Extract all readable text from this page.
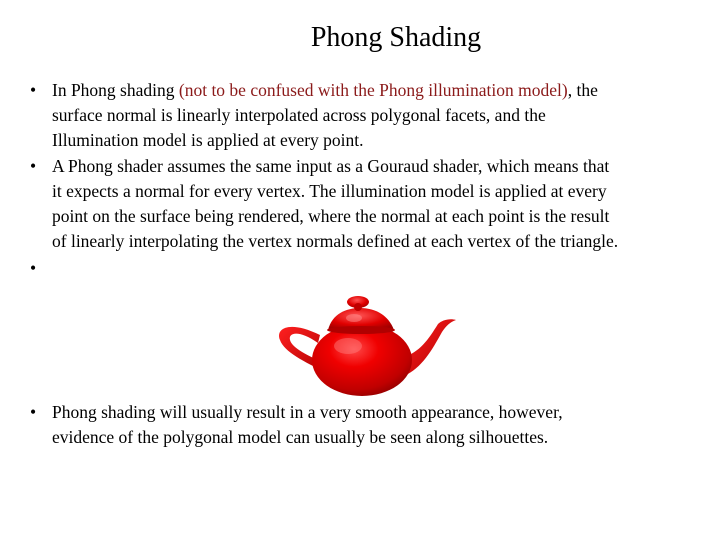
Phong Shading
• In Phong shading (not to be confused with the Phong illumination model), the
surface normal is linearly interpolated across polygonal facets, and the
Illumination model is applied at every point.
• A Phong shader assumes the same input as a Gouraud shader, which means that
it expects a normal for every vertex. The illumination model is applied at every
point on the surface being rendered, where the normal at each point is the result
of linearly interpolating the vertex normals defined at each vertex of the triangle.
•
• Phong shading will usually result in a very smooth appearance, however,
evidence of the polygonal model can usually be seen along silhouettes.
